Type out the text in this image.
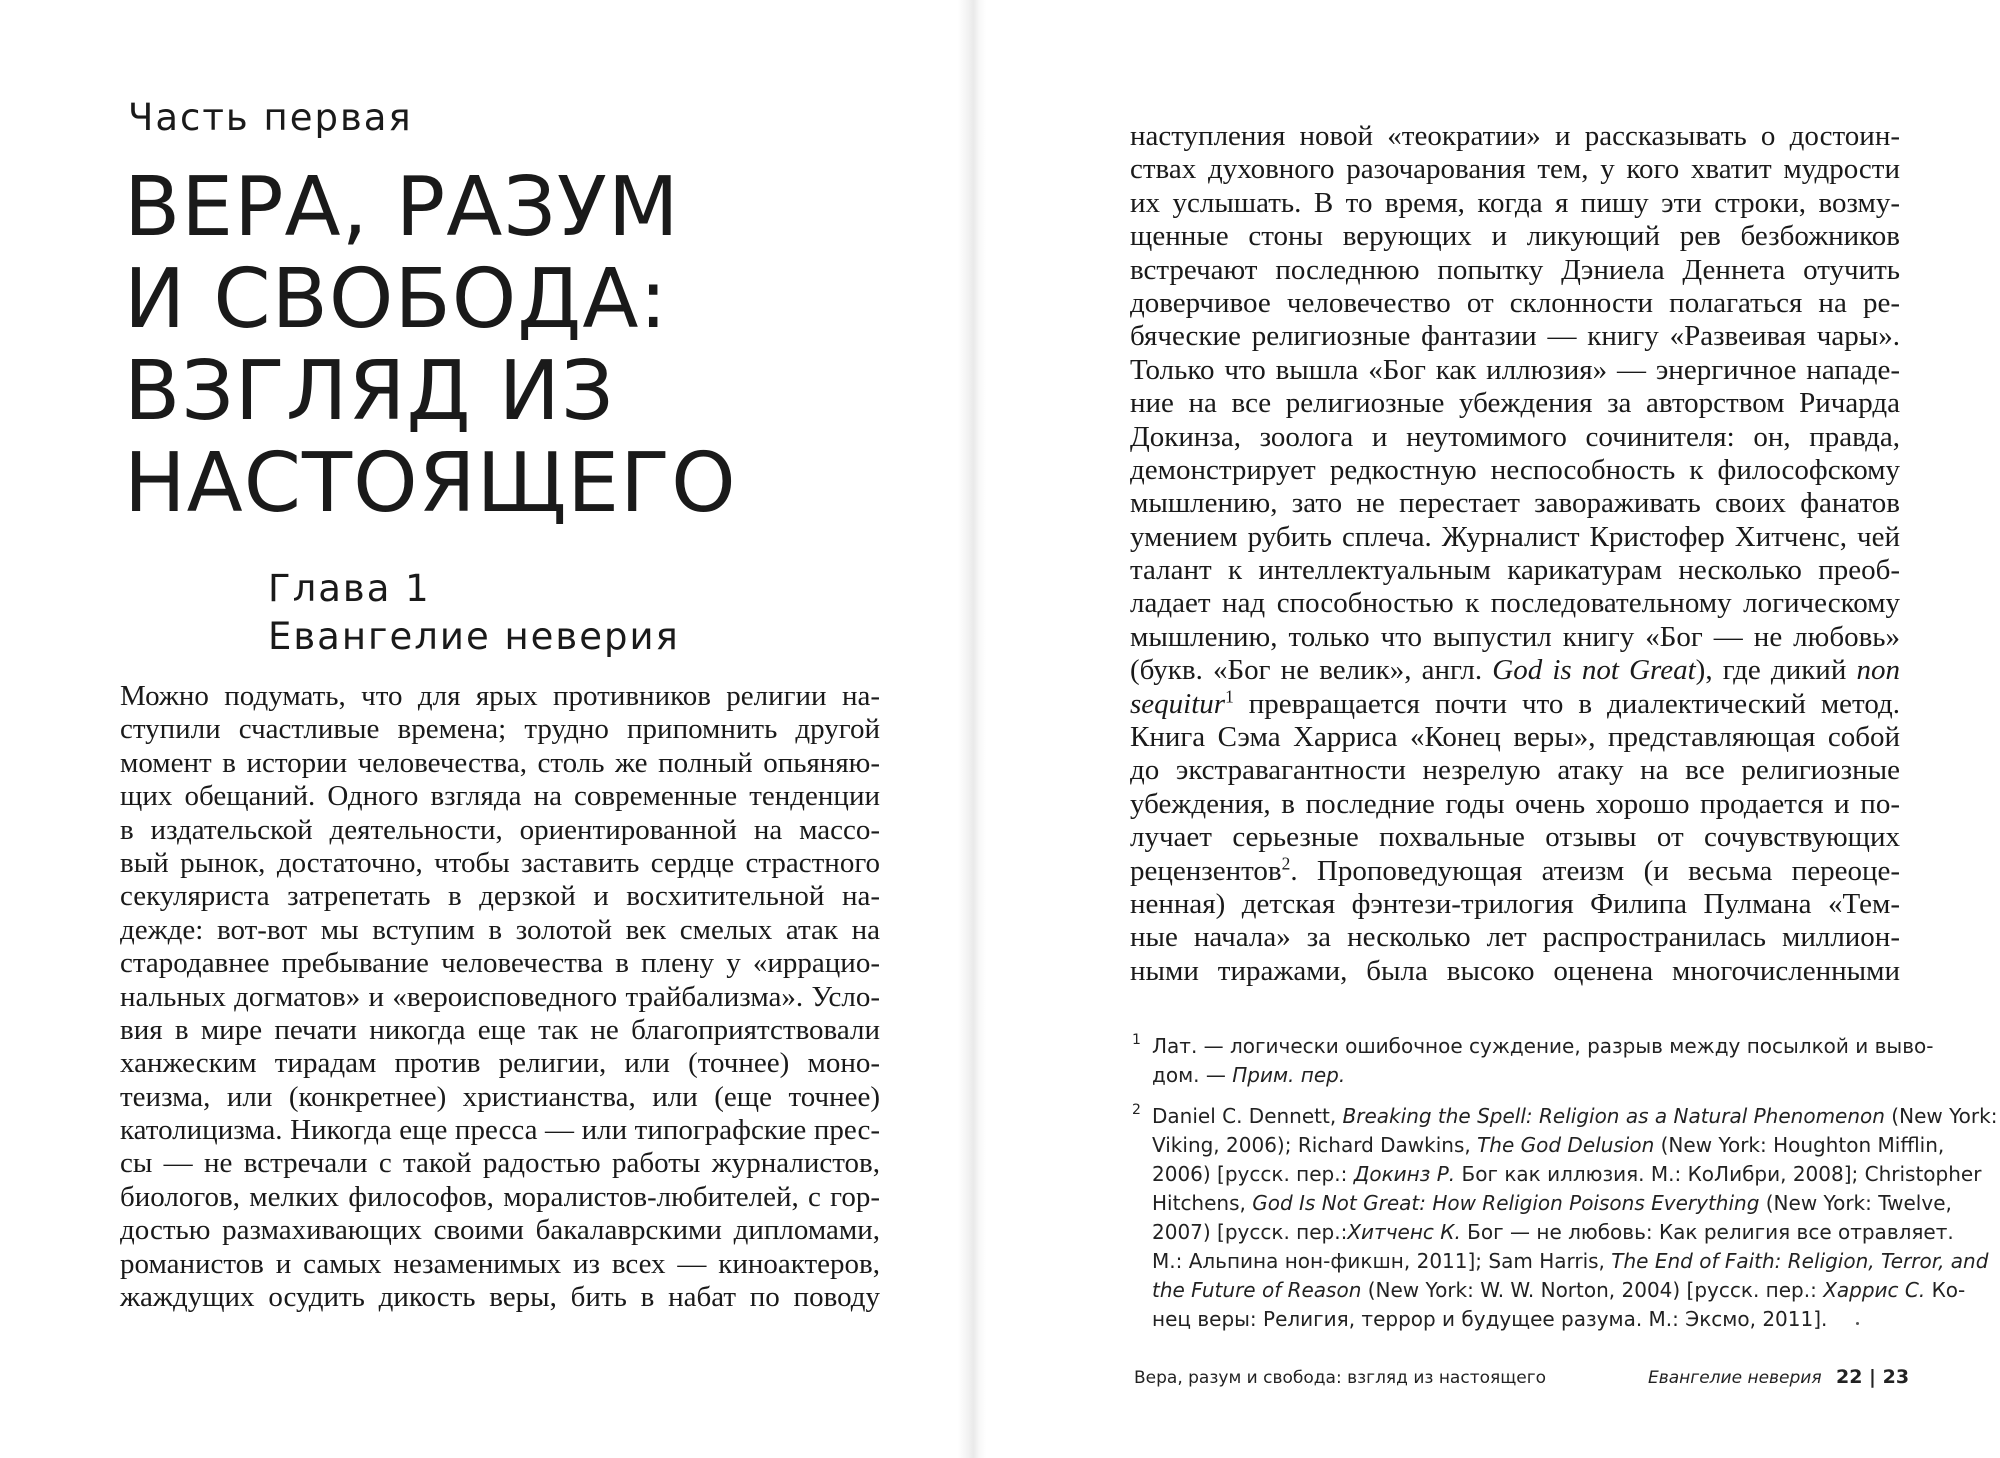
Часть первая
ВЕРА, РАЗУМ
И СВОБОДА:
ВЗГЛЯД ИЗ
НАСТОЯЩЕГО
Глава 1
Евангелие неверия
Можно подумать, что для ярых противников религии на-
ступили счастливые времена; трудно припомнить другой
момент в истории человечества, столь же полный опьяняю-
щих обещаний. Одного взгляда на современные тенденции
в издательской деятельности, ориентированной на массо-
вый рынок, достаточно, чтобы заставить сердце страстного
секуляриста затрепетать в дерзкой и восхитительной на-
дежде: вот-вот мы вступим в золотой век смелых атак на
стародавнее пребывание человечества в плену у «иррацио-
нальных догматов» и «вероисповедного трайбализма». Усло-
вия в мире печати никогда еще так не благоприятствовали
ханжеским тирадам против религии, или (точнее) моно-
теизма, или (конкретнее) христианства, или (еще точнее)
католицизма. Никогда еще пресса — или типографские прес-
сы — не встречали с такой радостью работы журналистов,
биологов, мелких философов, моралистов-любителей, с гор-
достью размахивающих своими бакалаврскими дипломами,
романистов и самых незаменимых из всех — киноактеров,
жаждущих осудить дикость веры, бить в набат по поводу
наступления новой «теократии» и рассказывать о достоин-
ствах духовного разочарования тем, у кого хватит мудрости
их услышать. В то время, когда я пишу эти строки, возму-
щенные стоны верующих и ликующий рев безбожников
встречают последнюю попытку Дэниела Деннета отучить
доверчивое человечество от склонности полагаться на ре-
бяческие религиозные фантазии — книгу «Развеивая чары».
Только что вышла «Бог как иллюзия» — энергичное нападе-
ние на все религиозные убеждения за авторством Ричарда
Докинза, зоолога и неутомимого сочинителя: он, правда,
демонстрирует редкостную неспособность к философскому
мышлению, зато не перестает завораживать своих фанатов
умением рубить сплеча. Журналист Кристофер Хитченс, чей
талант к интеллектуальным карикатурам несколько преоб-
ладает над способностью к последовательному логическому
мышлению, только что выпустил книгу «Бог — не любовь»
(букв. «Бог не велик», англ. God is not Great), где дикий non
sequitur$^1$ превращается почти что в диалектический метод.
Книга Сэма Харриса «Конец веры», представляющая собой
до экстравагантности незрелую атаку на все религиозные
убеждения, в последние годы очень хорошо продается и по-
лучает серьезные похвальные отзывы от сочувствующих
рецензентов$^2$. Проповедующая атеизм (и весьма переоце-
ненная) детская фэнтези-трилогия Филипа Пулмана «Тем-
ные начала» за несколько лет распространилась миллион-
ными тиражами, была высоко оценена многочисленными
1 Лат. — логически ошибочное суждение, разрыв между посылкой и выво-
дом. — Прим. пер.
2 Daniel C. Dennett, Breaking the Spell: Religion as a Natural Phenomenon (New York:
Viking, 2006); Richard Dawkins, The God Delusion (New York: Houghton Mifflin,
2006) [русск. пер.: Докинз Р. Бог как иллюзия. М.: КоЛибри, 2008]; Christopher
Hitchens, God Is Not Great: How Religion Poisons Everything (New York: Twelve,
2007) [русск. пер.:Хитченс К. Бог — не любовь: Как религия все отравляет.
М.: Альпина нон-фикшн, 2011]; Sam Harris, The End of Faith: Religion, Terror, and
the Future of Reason (New York: W. W. Norton, 2004) [русск. пер.: Харрис С. Ко-
нец веры: Религия, террор и будущее разума. М.: Эксмо, 2011].
Вера, разум и свобода: взгляд из настоящего	Евангелие неверия 22 | 23
